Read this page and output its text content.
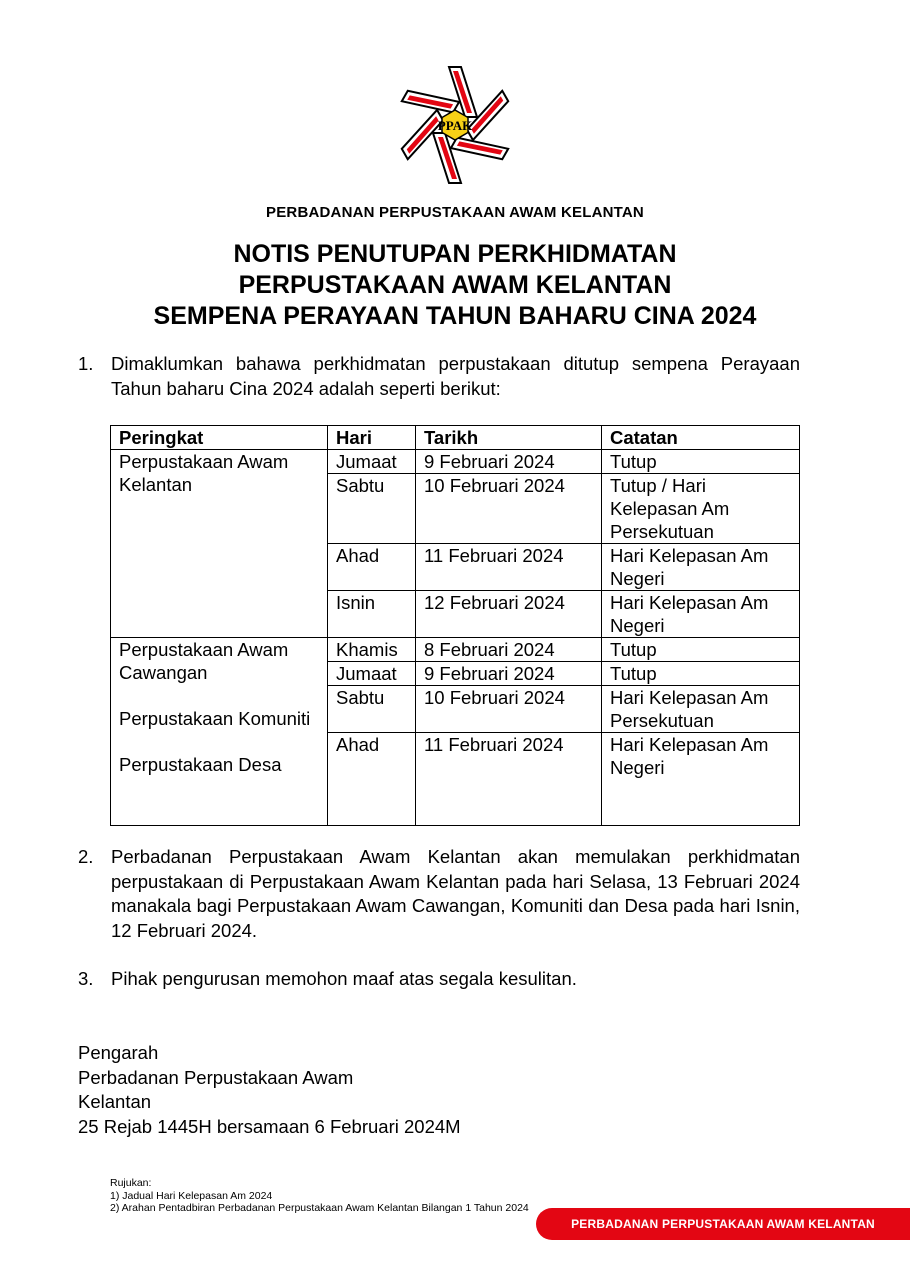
PPAK
PERBADANAN PERPUSTAKAAN AWAM KELANTAN
NOTIS PENUTUPAN PERKHIDMATAN
PERPUSTAKAAN AWAM KELANTAN
SEMPENA PERAYAAN TAHUN BAHARU CINA 2024
1. Dimaklumkan bahawa perkhidmatan perpustakaan ditutup sempena Perayaan Tahun baharu Cina 2024 adalah seperti berikut:
Peringkat	Hari	Tarikh	Catatan

Perpustakaan Awam Kelantan	Jumaat	9 Februari 2024	Tutup
	Sabtu	10 Februari 2024	Tutup / Hari Kelepasan Am Persekutuan
	Ahad	11 Februari 2024	Hari Kelepasan Am Negeri
	Isnin	12 Februari 2024	Hari Kelepasan Am Negeri

Perpustakaan Awam Cawangan
Perpustakaan Komuniti
Perpustakaan Desa	Khamis	8 Februari 2024	Tutup
	Jumaat	9 Februari 2024	Tutup
	Sabtu	10 Februari 2024	Hari Kelepasan Am Persekutuan
	Ahad	11 Februari 2024	Hari Kelepasan Am Negeri
2. Perbadanan Perpustakaan Awam Kelantan akan memulakan perkhidmatan perpustakaan di Perpustakaan Awam Kelantan pada hari Selasa, 13 Februari 2024 manakala bagi Perpustakaan Awam Cawangan, Komuniti dan Desa pada hari Isnin, 12 Februari 2024.
3. Pihak pengurusan memohon maaf atas segala kesulitan.
Pengarah
Perbadanan Perpustakaan Awam
Kelantan
25 Rejab 1445H bersamaan 6 Februari 2024M
Rujukan:
1) Jadual Hari Kelepasan Am 2024
2) Arahan Pentadbiran Perbadanan Perpustakaan Awam Kelantan Bilangan 1 Tahun 2024
PERBADANAN PERPUSTAKAAN AWAM KELANTAN
